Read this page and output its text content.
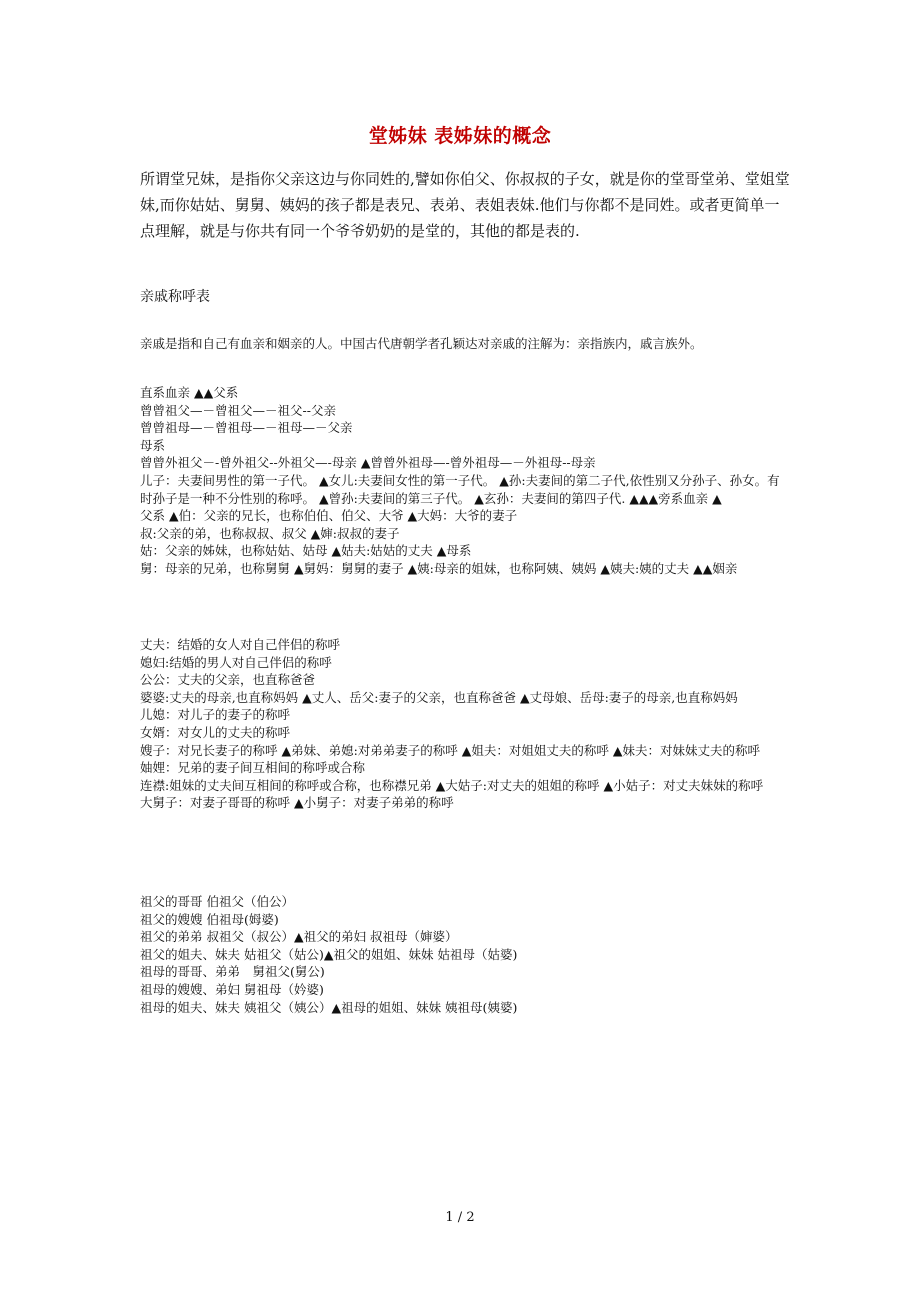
堂姊妹 表姊妹的概念

所谓堂兄妹，是指你父亲这边与你同姓的,譬如你伯父、你叔叔的子女，就是你的堂哥堂弟、堂姐堂妹,而你姑姑、舅舅、姨妈的孩子都是表兄、表弟、表姐表妹.他们与你都不是同姓。或者更简单一点理解，就是与你共有同一个爷爷奶奶的是堂的，其他的都是表的.

亲戚称呼表
亲戚是指和自己有血亲和姻亲的人。中国古代唐朝学者孔颖达对亲戚的注解为：亲指族内，戚言族外。
直系血亲 ▲▲父系
曾曾祖父—－曾祖父—－祖父--父亲
曾曾祖母—－曾祖母—－祖母—－父亲
母系
曾曾外祖父－-曾外祖父--外祖父—-母亲 ▲曾曾外祖母—-曾外祖母—－外祖母--母亲
儿子：夫妻间男性的第一子代。 ▲女儿:夫妻间女性的第一子代。 ▲孙:夫妻间的第二子代,依性别又分孙子、孙女。有时孙子是一种不分性别的称呼。 ▲曾孙:夫妻间的第三子代。 ▲玄孙：夫妻间的第四子代. ▲▲▲旁系血亲 ▲
父系 ▲伯：父亲的兄长，也称伯伯、伯父、大爷 ▲大妈：大爷的妻子
叔:父亲的弟，也称叔叔、叔父 ▲婶:叔叔的妻子
姑：父亲的姊妹，也称姑姑、姑母 ▲姑夫:姑姑的丈夫 ▲母系
舅：母亲的兄弟，也称舅舅 ▲舅妈：舅舅的妻子 ▲姨:母亲的姐妹，也称阿姨、姨妈 ▲姨夫:姨的丈夫 ▲▲姻亲
丈夫：结婚的女人对自己伴侣的称呼
媳妇:结婚的男人对自己伴侣的称呼
公公：丈夫的父亲，也直称爸爸
婆婆:丈夫的母亲,也直称妈妈 ▲丈人、岳父:妻子的父亲，也直称爸爸 ▲丈母娘、岳母:妻子的母亲,也直称妈妈
儿媳：对儿子的妻子的称呼
女婿：对女儿的丈夫的称呼
嫂子：对兄长妻子的称呼 ▲弟妹、弟媳:对弟弟妻子的称呼 ▲姐夫：对姐姐丈夫的称呼 ▲妹夫：对妹妹丈夫的称呼
妯娌：兄弟的妻子间互相间的称呼或合称
连襟:姐妹的丈夫间互相间的称呼或合称，也称襟兄弟 ▲大姑子:对丈夫的姐姐的称呼 ▲小姑子：对丈夫妹妹的称呼
大舅子：对妻子哥哥的称呼 ▲小舅子：对妻子弟弟的称呼
祖父的哥哥 伯祖父（伯公）
祖父的嫂嫂 伯祖母(姆婆)
祖父的弟弟 叔祖父（叔公）▲祖父的弟妇 叔祖母（婶婆）
祖父的姐夫、妹夫 姑祖父（姑公)▲祖父的姐姐、妹妹 姑祖母（姑婆)
祖母的哥哥、弟弟　舅祖父(舅公)
祖母的嫂嫂、弟妇 舅祖母（妗婆)
祖母的姐夫、妹夫 姨祖父（姨公）▲祖母的姐姐、妹妹 姨祖母(姨婆)
1 / 2
